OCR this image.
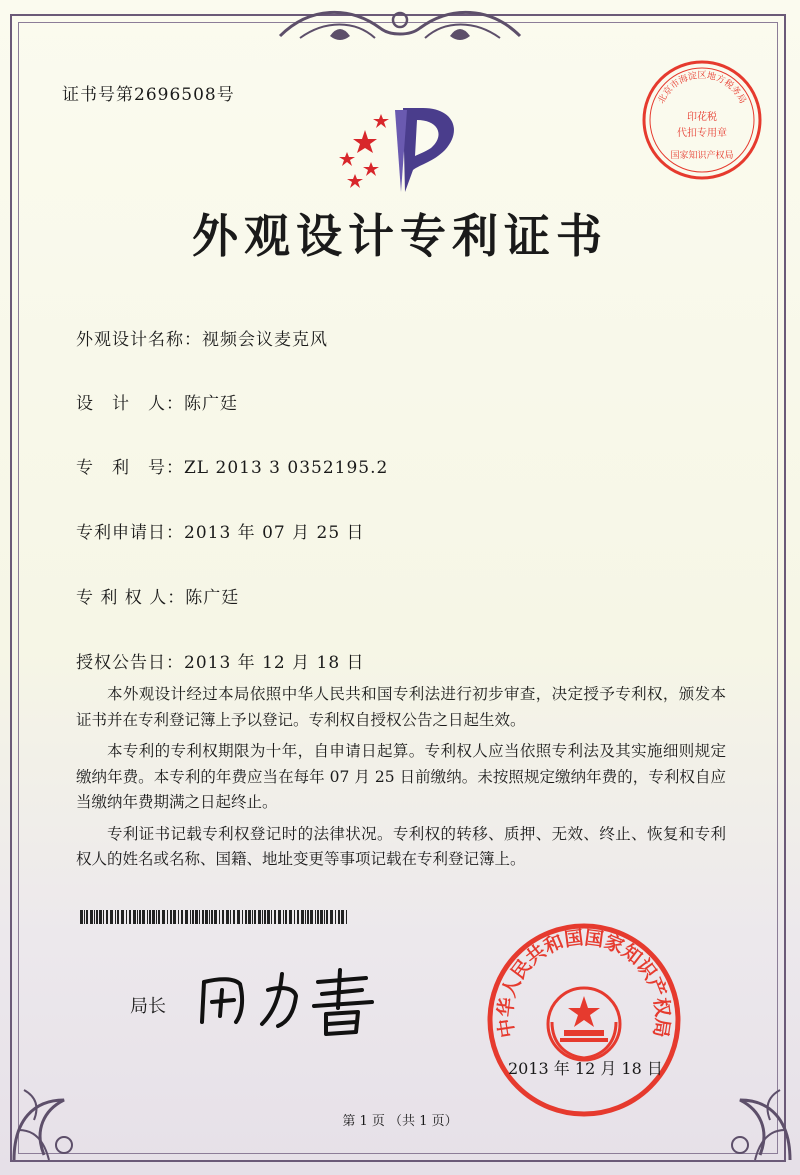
证书号第2696508号
外观设计专利证书
北京市海淀区地方税务局
印花税
代扣专用章
国家知识产权局
外观设计名称：视频会议麦克风
设　计　人：陈广廷
专　利　号：ZL 2013 3 0352195.2
专利申请日：2013 年 07 月 25 日
专 利 权 人：陈广廷
授权公告日：2013 年 12 月 18 日

本外观设计经过本局依照中华人民共和国专利法进行初步审查，决定授予专利权，颁发本证书并在专利登记簿上予以登记。专利权自授权公告之日起生效。

本专利的专利权期限为十年，自申请日起算。专利权人应当依照专利法及其实施细则规定缴纳年费。本专利的年费应当在每年 07 月 25 日前缴纳。未按照规定缴纳年费的，专利权自应当缴纳年费期满之日起终止。

专利证书记载专利权登记时的法律状况。专利权的转移、质押、无效、终止、恢复和专利权人的姓名或名称、国籍、地址变更等事项记载在专利登记簿上。

局长
中华人民共和国国家知识产权局
2013 年 12 月 18 日
第 1 页 （共 1 页）
